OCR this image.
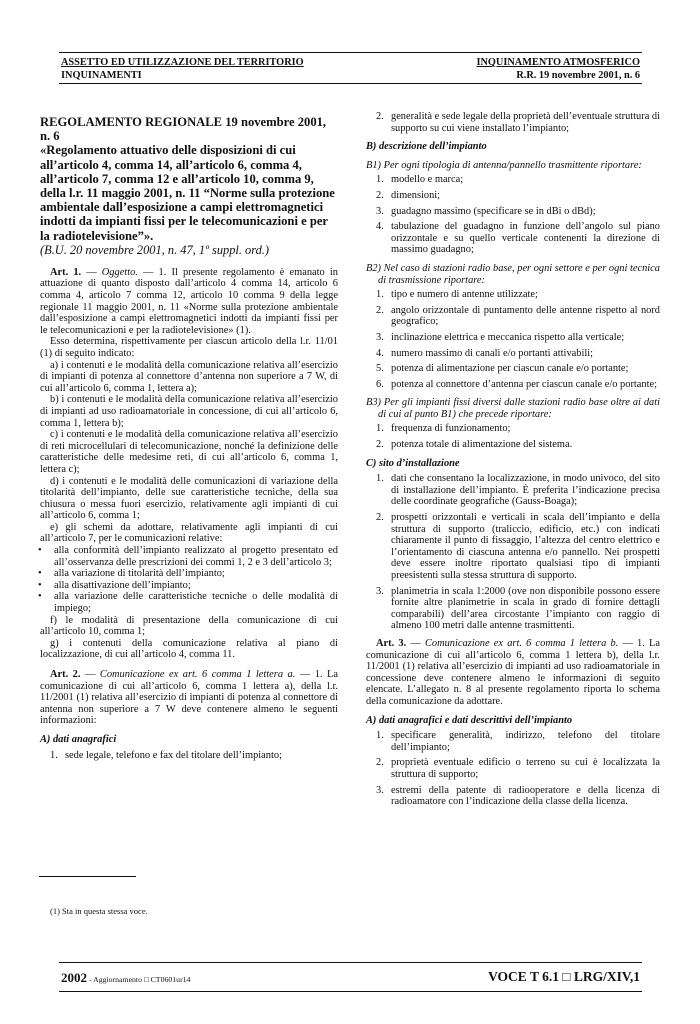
ASSETTO ED UTILIZZAZIONE DEL TERRITORIO
INQUINAMENTI
INQUINAMENTO ATMOSFERICO
R.R. 19 novembre 2001, n. 6

REGOLAMENTO REGIONALE 19 novembre 2001, n. 6

«Regolamento attuativo delle disposizioni di cui all’articolo 4, comma 14, all’articolo 6, comma 4, all’articolo 7, comma 12 e all’articolo 10, comma 9, della l.r. 11 maggio 2001, n. 11 “Norme sulla protezione ambientale dall’esposizione a campi elettromagnetici indotti da impianti fissi per le telecomunicazioni e per la radiotelevisione”».

(B.U. 20 novembre 2001, n. 47, 1º suppl. ord.)

Art. 1. — Oggetto. — 1. Il presente regolamento è emanato in attuazione di quanto disposto dall’articolo 4 comma 14, articolo 6 comma 4, articolo 7 comma 12, articolo 10 comma 9 della legge regionale 11 maggio 2001, n. 11 «Norme sulla protezione ambientale dall’esposizione a campi elettromagnetici indotti da impianti fissi per le telecomunicazioni e per la radiotelevisione» (1).

Esso determina, rispettivamente per ciascun articolo della l.r. 11/01 (1) di seguito indicato:

a) i contenuti e le modalità della comunicazione relativa all’esercizio di impianti di potenza al connettore d’antenna non superiore a 7 W, di cui all’articolo 6, comma 1, lettera a);

b) i contenuti e le modalità della comunicazione relativa all’esercizio di impianti ad uso radioamatoriale in concessione, di cui all’articolo 6, comma 1, lettera b);

c) i contenuti e le modalità della comunicazione relativa all’esercizio di reti microcellulari di telecomunicazione, nonché la definizione delle caratteristiche delle medesime reti, di cui all’articolo 6, comma 1, lettera c);

d) i contenuti e le modalità delle comunicazioni di variazione della titolarità dell’impianto, delle sue caratteristiche tecniche, della sua chiusura o messa fuori esercizio, relativamente agli impianti di cui all’articolo 6, comma 1;

e) gli schemi da adottare, relativamente agli impianti di cui all’articolo 7, per le comunicazioni relative:

• alla conformità dell’impianto realizzato al progetto presentato ed all’osservanza delle prescrizioni dei commi 1, 2 e 3 dell’articolo 3;

• alla variazione di titolarità dell’impianto;

• alla disattivazione dell’impianto;

• alla variazione delle caratteristiche tecniche o delle modalità di impiego;

f) le modalità di presentazione della comunicazione di cui all’articolo 10, comma 1;

g) i contenuti della comunicazione relativa al piano di localizzazione, di cui all’articolo 4, comma 11.

Art. 2. — Comunicazione ex art. 6 comma 1 lettera a. — 1. La comunicazione di cui all’articolo 6, comma 1 lettera a), della l.r. 11/2001 (1) relativa all’esercizio di impianti di potenza al connettore di antenna non superiore a 7 W deve contenere almeno le seguenti informazioni:

A) dati anagrafici

1. sede legale, telefono e fax del titolare dell’impianto;
(1) Sta in questa stessa voce.
2. generalità e sede legale della proprietà dell’eventuale struttura di supporto su cui viene installato l’impianto;

B) descrizione dell’impianto

B1) Per ogni tipologia di antenna/pannello trasmittente riportare:

1. modello e marca;
2. dimensioni;
3. guadagno massimo (specificare se in dBi o dBd);
4. tabulazione del guadagno in funzione dell’angolo sul piano orizzontale e su quello verticale contenenti la direzione di massimo guadagno;

B2) Nel caso di stazioni radio base, per ogni settore e per ogni tecnica di trasmissione riportare:

1. tipo e numero di antenne utilizzate;
2. angolo orizzontale di puntamento delle antenne rispetto al nord geografico;
3. inclinazione elettrica e meccanica rispetto alla verticale;
4. numero massimo di canali e/o portanti attivabili;
5. potenza di alimentazione per ciascun canale e/o portante;
6. potenza al connettore d’antenna per ciascun canale e/o portante;

B3) Per gli impianti fissi diversi dalle stazioni radio base oltre ai dati di cui al punto B1) che precede riportare:

1. frequenza di funzionamento;
2. potenza totale di alimentazione del sistema.

C) sito d’installazione

1. dati che consentano la localizzazione, in modo univoco, del sito di installazione dell’impianto. È preferita l’indicazione precisa delle coordinate geografiche (Gauss-Boaga);
2. prospetti orizzontali e verticali in scala dell’impianto e della struttura di supporto (traliccio, edificio, etc.) con indicati chiaramente il punto di fissaggio, l’altezza del centro elettrico e l’orientamento di ciascuna antenna e/o pannello. Nei prospetti deve essere inoltre riportato qualsiasi tipo di impianti preesistenti sulla stessa struttura di supporto.
3. planimetria in scala 1:2000 (ove non disponibile possono essere fornite altre planimetrie in scala in grado di fornire dettagli comparabili) dell’area circostante l’impianto con raggio di almeno 100 metri dalle antenne trasmittenti.

Art. 3. — Comunicazione ex art. 6 comma 1 lettera b. — 1. La comunicazione di cui all’articolo 6, comma 1 lettera b), della l.r. 11/2001 (1) relativa all’esercizio di impianti ad uso radioamatoriale in concessione deve contenere almeno le informazioni di seguito elencate. L’allegato n. 8 al presente regolamento riporta lo schema della comunicazione da adottare.

A) dati anagrafici e dati descrittivi dell’impianto

1. specificare generalità, indirizzo, telefono del titolare dell’impianto;
2. proprietà eventuale edificio o terreno su cui è localizzata la struttura di supporto;
3. estremi della patente di radiooperatore e della licenza di radioamatore con l’indicazione della classe della licenza.
2002 - Aggiornamento □ CT0601ur14	VOCE T 6.1 □ LRG/XIV,1
